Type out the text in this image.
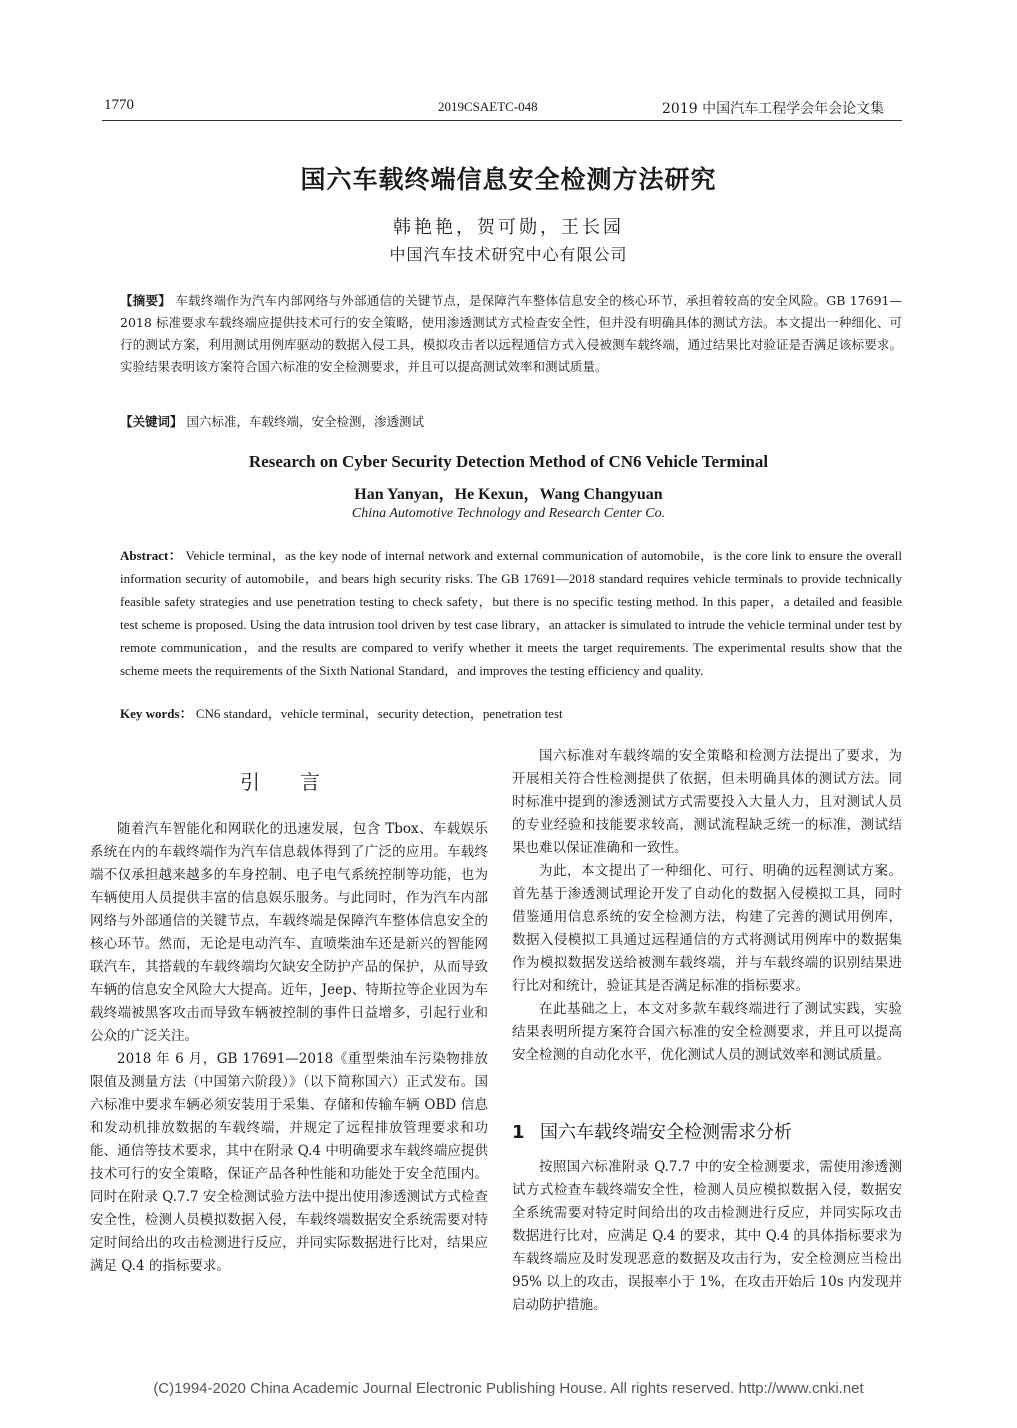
1770	2019CSAETC-048	2019 中国汽车工程学会年会论文集
国六车载终端信息安全检测方法研究
韩艳艳，贺可勋，王长园
中国汽车技术研究中心有限公司
【摘要】 车载终端作为汽车内部网络与外部通信的关键节点，是保障汽车整体信息安全的核心环节，承担着较高的安全风险。GB 17691—2018 标准要求车载终端应提供技术可行的安全策略，使用渗透测试方式检查安全性，但并没有明确具体的测试方法。本文提出一种细化、可行的测试方案，利用测试用例库驱动的数据入侵工具，模拟攻击者以远程通信方式入侵被测车载终端，通过结果比对验证是否满足该标要求。实验结果表明该方案符合国六标准的安全检测要求，并且可以提高测试效率和测试质量。
【关键词】 国六标准，车载终端，安全检测，渗透测试
Research on Cyber Security Detection Method of CN6 Vehicle Terminal
Han Yanyan，He Kexun，Wang Changyuan
China Automotive Technology and Research Center Co.
Abstract： Vehicle terminal，as the key node of internal network and external communication of automobile，is the core link to ensure the overall information security of automobile，and bears high security risks. The GB 17691—2018 standard requires vehicle terminals to provide technically feasible safety strategies and use penetration testing to check safety，but there is no specific testing method. In this paper，a detailed and feasible test scheme is proposed. Using the data intrusion tool driven by test case library，an attacker is simulated to intrude the vehicle terminal under test by remote communication，and the results are compared to verify whether it meets the target requirements. The experimental results show that the scheme meets the requirements of the Sixth National Standard，and improves the testing efficiency and quality.
Key words： CN6 standard，vehicle terminal，security detection，penetration test
引言

随着汽车智能化和网联化的迅速发展，包含 Tbox、车载娱乐系统在内的车载终端作为汽车信息载体得到了广泛的应用。车载终端不仅承担越来越多的车身控制、电子电气系统控制等功能，也为车辆使用人员提供丰富的信息娱乐服务。与此同时，作为汽车内部网络与外部通信的关键节点，车载终端是保障汽车整体信息安全的核心环节。然而，无论是电动汽车、直喷柴油车还是新兴的智能网联汽车，其搭载的车载终端均欠缺安全防护产品的保护，从而导致车辆的信息安全风险大大提高。近年，Jeep、特斯拉等企业因为车载终端被黑客攻击而导致车辆被控制的事件日益增多，引起行业和公众的广泛关注。

2018 年 6 月，GB 17691—2018《重型柴油车污染物排放限值及测量方法（中国第六阶段）》（以下简称国六）正式发布。国六标准中要求车辆必须安装用于采集、存储和传输车辆 OBD 信息和发动机排放数据的车载终端，并规定了远程排放管理要求和功能、通信等技术要求，其中在附录 Q.4 中明确要求车载终端应提供技术可行的安全策略，保证产品各种性能和功能处于安全范围内。同时在附录 Q.7.7 安全检测试验方法中提出使用渗透测试方式检查安全性，检测人员模拟数据入侵，车载终端数据安全系统需要对特定时间给出的攻击检测进行反应，并同实际数据进行比对，结果应满足 Q.4 的指标要求。

国六标准对车载终端的安全策略和检测方法提出了要求，为开展相关符合性检测提供了依据，但未明确具体的测试方法。同时标准中提到的渗透测试方式需要投入大量人力，且对测试人员的专业经验和技能要求较高，测试流程缺乏统一的标准，测试结果也难以保证准确和一致性。

为此，本文提出了一种细化、可行、明确的远程测试方案。首先基于渗透测试理论开发了自动化的数据入侵模拟工具，同时借鉴通用信息系统的安全检测方法，构建了完善的测试用例库，数据入侵模拟工具通过远程通信的方式将测试用例库中的数据集作为模拟数据发送给被测车载终端，并与车载终端的识别结果进行比对和统计，验证其是否满足标准的指标要求。

在此基础之上，本文对多款车载终端进行了测试实践，实验结果表明所提方案符合国六标准的安全检测要求，并且可以提高安全检测的自动化水平，优化测试人员的测试效率和测试质量。

1 国六车载终端安全检测需求分析

按照国六标准附录 Q.7.7 中的安全检测要求，需使用渗透测试方式检查车载终端安全性，检测人员应模拟数据入侵，数据安全系统需要对特定时间给出的攻击检测进行反应，并同实际攻击数据进行比对，应满足 Q.4 的要求，其中 Q.4 的具体指标要求为车载终端应及时发现恶意的数据及攻击行为，安全检测应当检出 95% 以上的攻击，误报率小于 1%，在攻击开始后 10s 内发现并启动防护措施。

(C)1994-2020 China Academic Journal Electronic Publishing House. All rights reserved. http://www.cnki.net
